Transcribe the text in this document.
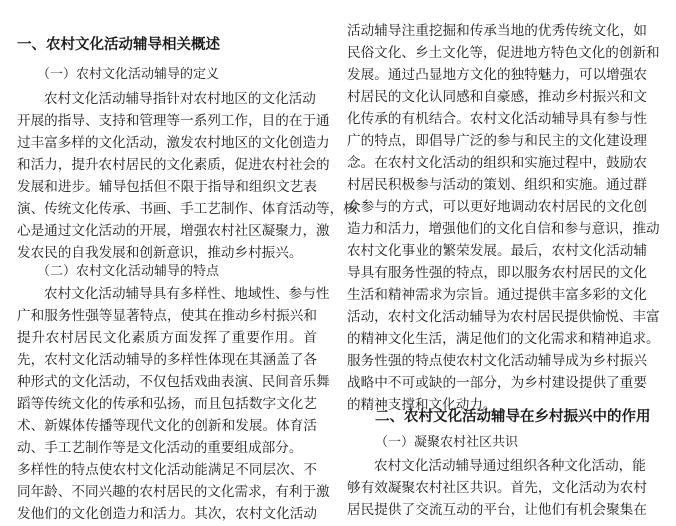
一、农村文化活动辅导相关概述
（一）农村文化活动辅导的定义
农村文化活动辅导指针对农村地区的文化活动
开展的指导、支持和管理等一系列工作，目的在于通
过丰富多样的文化活动，激发农村地区的文化创造力
和活力，提升农村居民的文化素质，促进农村社会的
发展和进步。辅导包括但不限于指导和组织文艺表
演、传统文化传承、书画、手工艺制作、体育活动等，核
心是通过文化活动的开展，增强农村社区凝聚力，激
发农民的自我发展和创新意识，推动乡村振兴。
（二）农村文化活动辅导的特点
农村文化活动辅导具有多样性、地域性、参与性
广和服务性强等显著特点，使其在推动乡村振兴和
提升农村居民文化素质方面发挥了重要作用。首
先，农村文化活动辅导的多样性体现在其涵盖了各
种形式的文化活动，不仅包括戏曲表演、民间音乐舞
蹈等传统文化的传承和弘扬，而且包括数字文化艺
术、新媒体传播等现代文化的创新和发展。体育活
动、手工艺制作等是文化活动的重要组成部分。
多样性的特点使农村文化活动能满足不同层次、不
同年龄、不同兴趣的农村居民的文化需求，有利于激
发他们的文化创造力和活力。其次，农村文化活动
活动辅导注重挖掘和传承当地的优秀传统文化，如
民俗文化、乡土文化等，促进地方特色文化的创新和
发展。通过凸显地方文化的独特魅力，可以增强农
村居民的文化认同感和自豪感，推动乡村振兴和文
化传承的有机结合。农村文化活动辅导具有参与性
广的特点，即倡导广泛的参与和民主的文化建设理
念。在农村文化活动的组织和实施过程中，鼓励农
村居民积极参与活动的策划、组织和实施。通过群
众参与的方式，可以更好地调动农村居民的文化创
造力和活力，增强他们的文化自信和参与意识，推动
农村文化事业的繁荣发展。最后，农村文化活动辅
导具有服务性强的特点，即以服务农村居民的文化
生活和精神需求为宗旨。通过提供丰富多彩的文化
活动，农村文化活动辅导为农村居民提供愉悦、丰富
的精神文化生活，满足他们的文化需求和精神追求。
服务性强的特点使农村文化活动辅导成为乡村振兴
战略中不可或缺的一部分，为乡村建设提供了重要
的精神支撑和文化动力。
二、农村文化活动辅导在乡村振兴中的作用
（一）凝聚农村社区共识
农村文化活动辅导通过组织各种文化活动，能
够有效凝聚农村社区共识。首先，文化活动为农村
居民提供了交流互动的平台，让他们有机会聚集在
